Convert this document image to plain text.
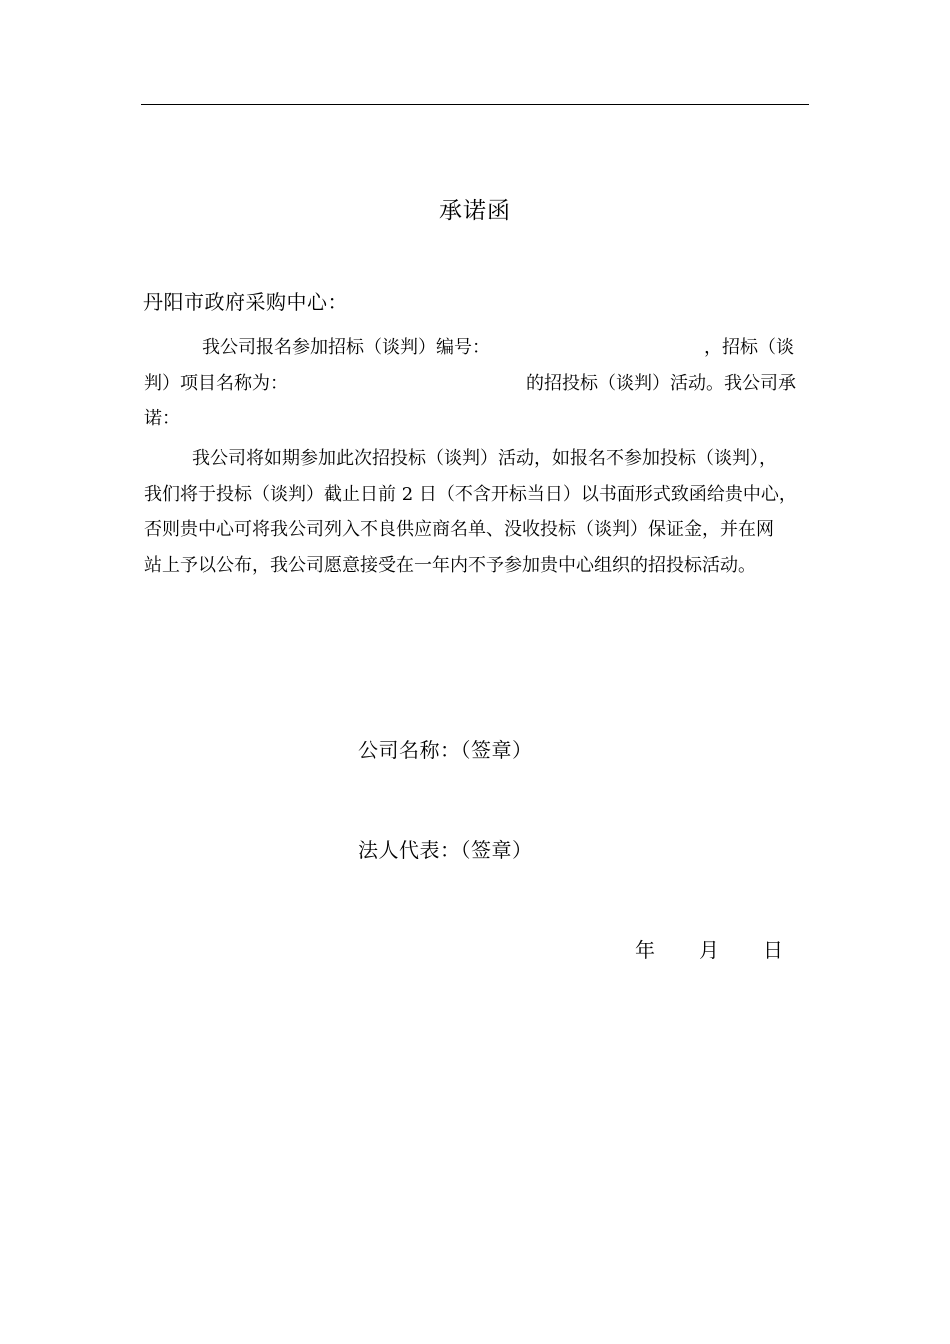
承诺函
丹阳市政府采购中心：
我公司报名参加招标（谈判）编号：	，招标（谈
判）项目名称为：	的招投标（谈判）活动。我公司承
诺：
我公司将如期参加此次招投标（谈判）活动，如报名不参加投标（谈判），
我们将于投标（谈判）截止日前 2 日（不含开标当日）以书面形式致函给贵中心，
否则贵中心可将我公司列入不良供应商名单、没收投标（谈判）保证金，并在网
站上予以公布，我公司愿意接受在一年内不予参加贵中心组织的招投标活动。
公司名称：（签章）
法人代表：（签章）
年 月 日
